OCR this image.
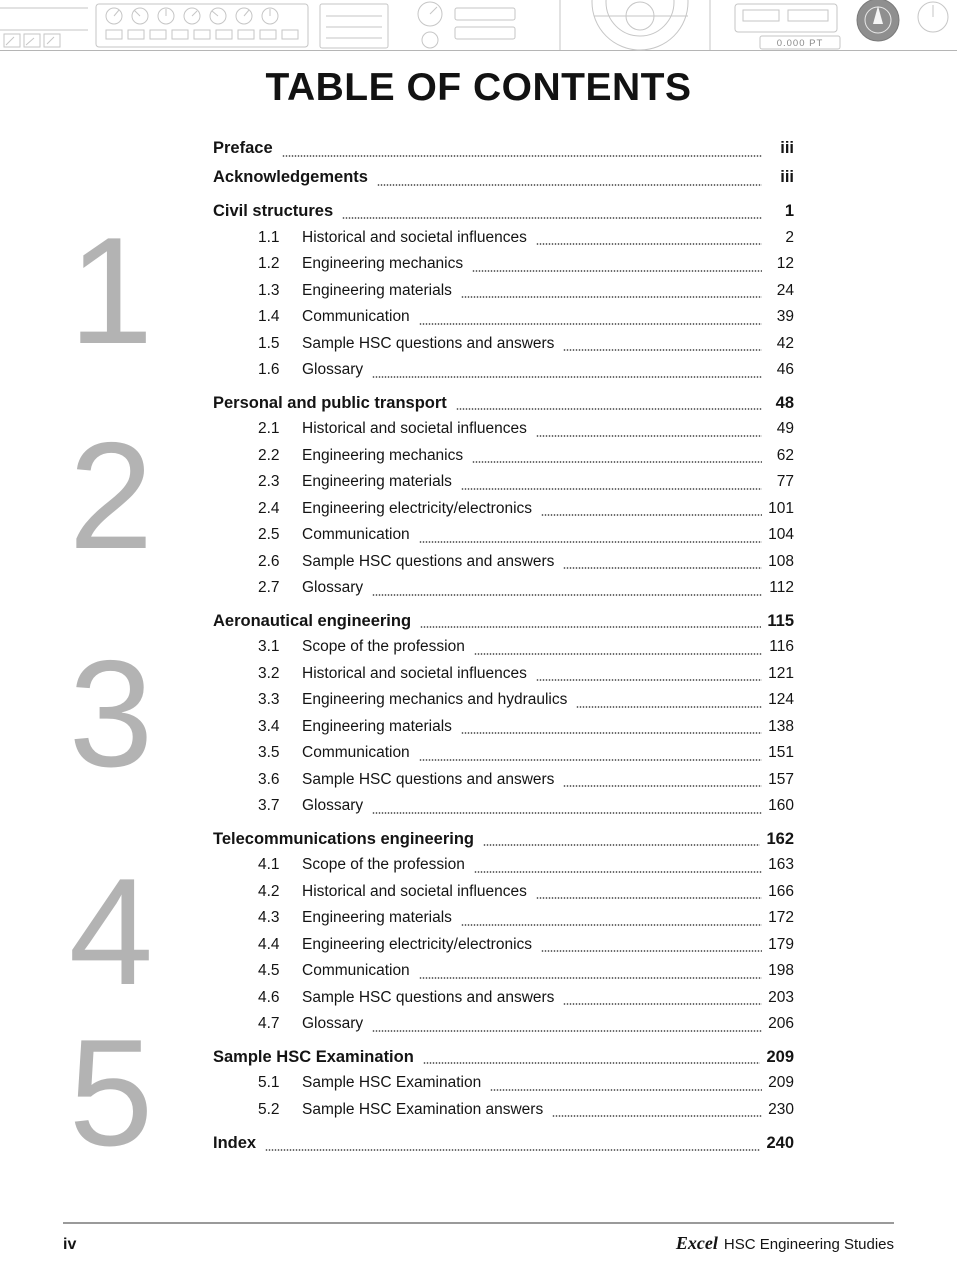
0.000 PT
TABLE OF CONTENTS
Preface	iii
Acknowledgements	iii
1	Civil structures	1
1.1	Historical and societal influences	2
1.2	Engineering mechanics	12
1.3	Engineering materials	24
1.4	Communication	39
1.5	Sample HSC questions and answers	42
1.6	Glossary	46
2
Personal and public transport	48
2.1	Historical and societal influences	49
2.2	Engineering mechanics	62
2.3	Engineering materials	77
2.4	Engineering electricity/electronics	101
2.5	Communication	104
2.6	Sample HSC questions and answers	108
2.7	Glossary	112
3
Aeronautical engineering	115
3.1	Scope of the profession	116
3.2	Historical and societal influences	121
3.3	Engineering mechanics and hydraulics	124
3.4	Engineering materials	138
3.5	Communication	151
3.6	Sample HSC questions and answers	157
3.7	Glossary	160
4
Telecommunications engineering	162
4.1	Scope of the profession	163
4.2	Historical and societal influences	166
4.3	Engineering materials	172
4.4	Engineering electricity/electronics	179
4.5	Communication	198
4.6	Sample HSC questions and answers	203
4.7	Glossary	206
5	Sample HSC Examination	209
5.1	Sample HSC Examination	209
5.2	Sample HSC Examination answers	230
Index	240
iv	Excel HSC Engineering Studies
